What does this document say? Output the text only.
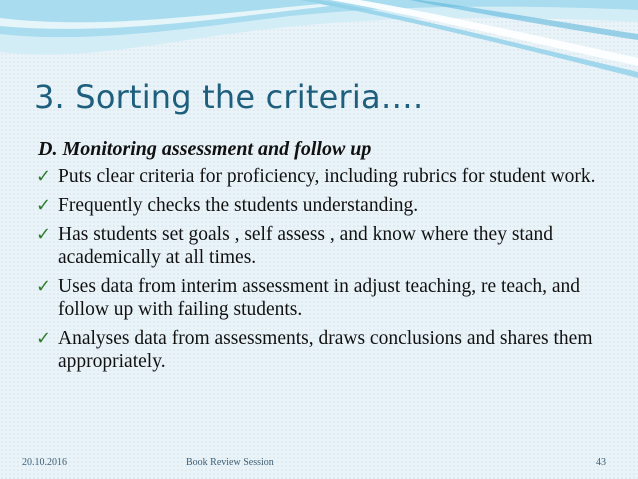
3. Sorting the criteria….
D. Monitoring assessment and follow up
✓ Puts clear criteria for proficiency, including rubrics for student work.
✓ Frequently checks the students understanding.
✓ Has students set goals , self assess , and know where they stand academically at all times.
✓ Uses data from interim assessment in adjust teaching, re teach, and follow up with failing students.
✓ Analyses data from assessments, draws conclusions and shares them appropriately.
20.10.2016	Book Review Session	43
